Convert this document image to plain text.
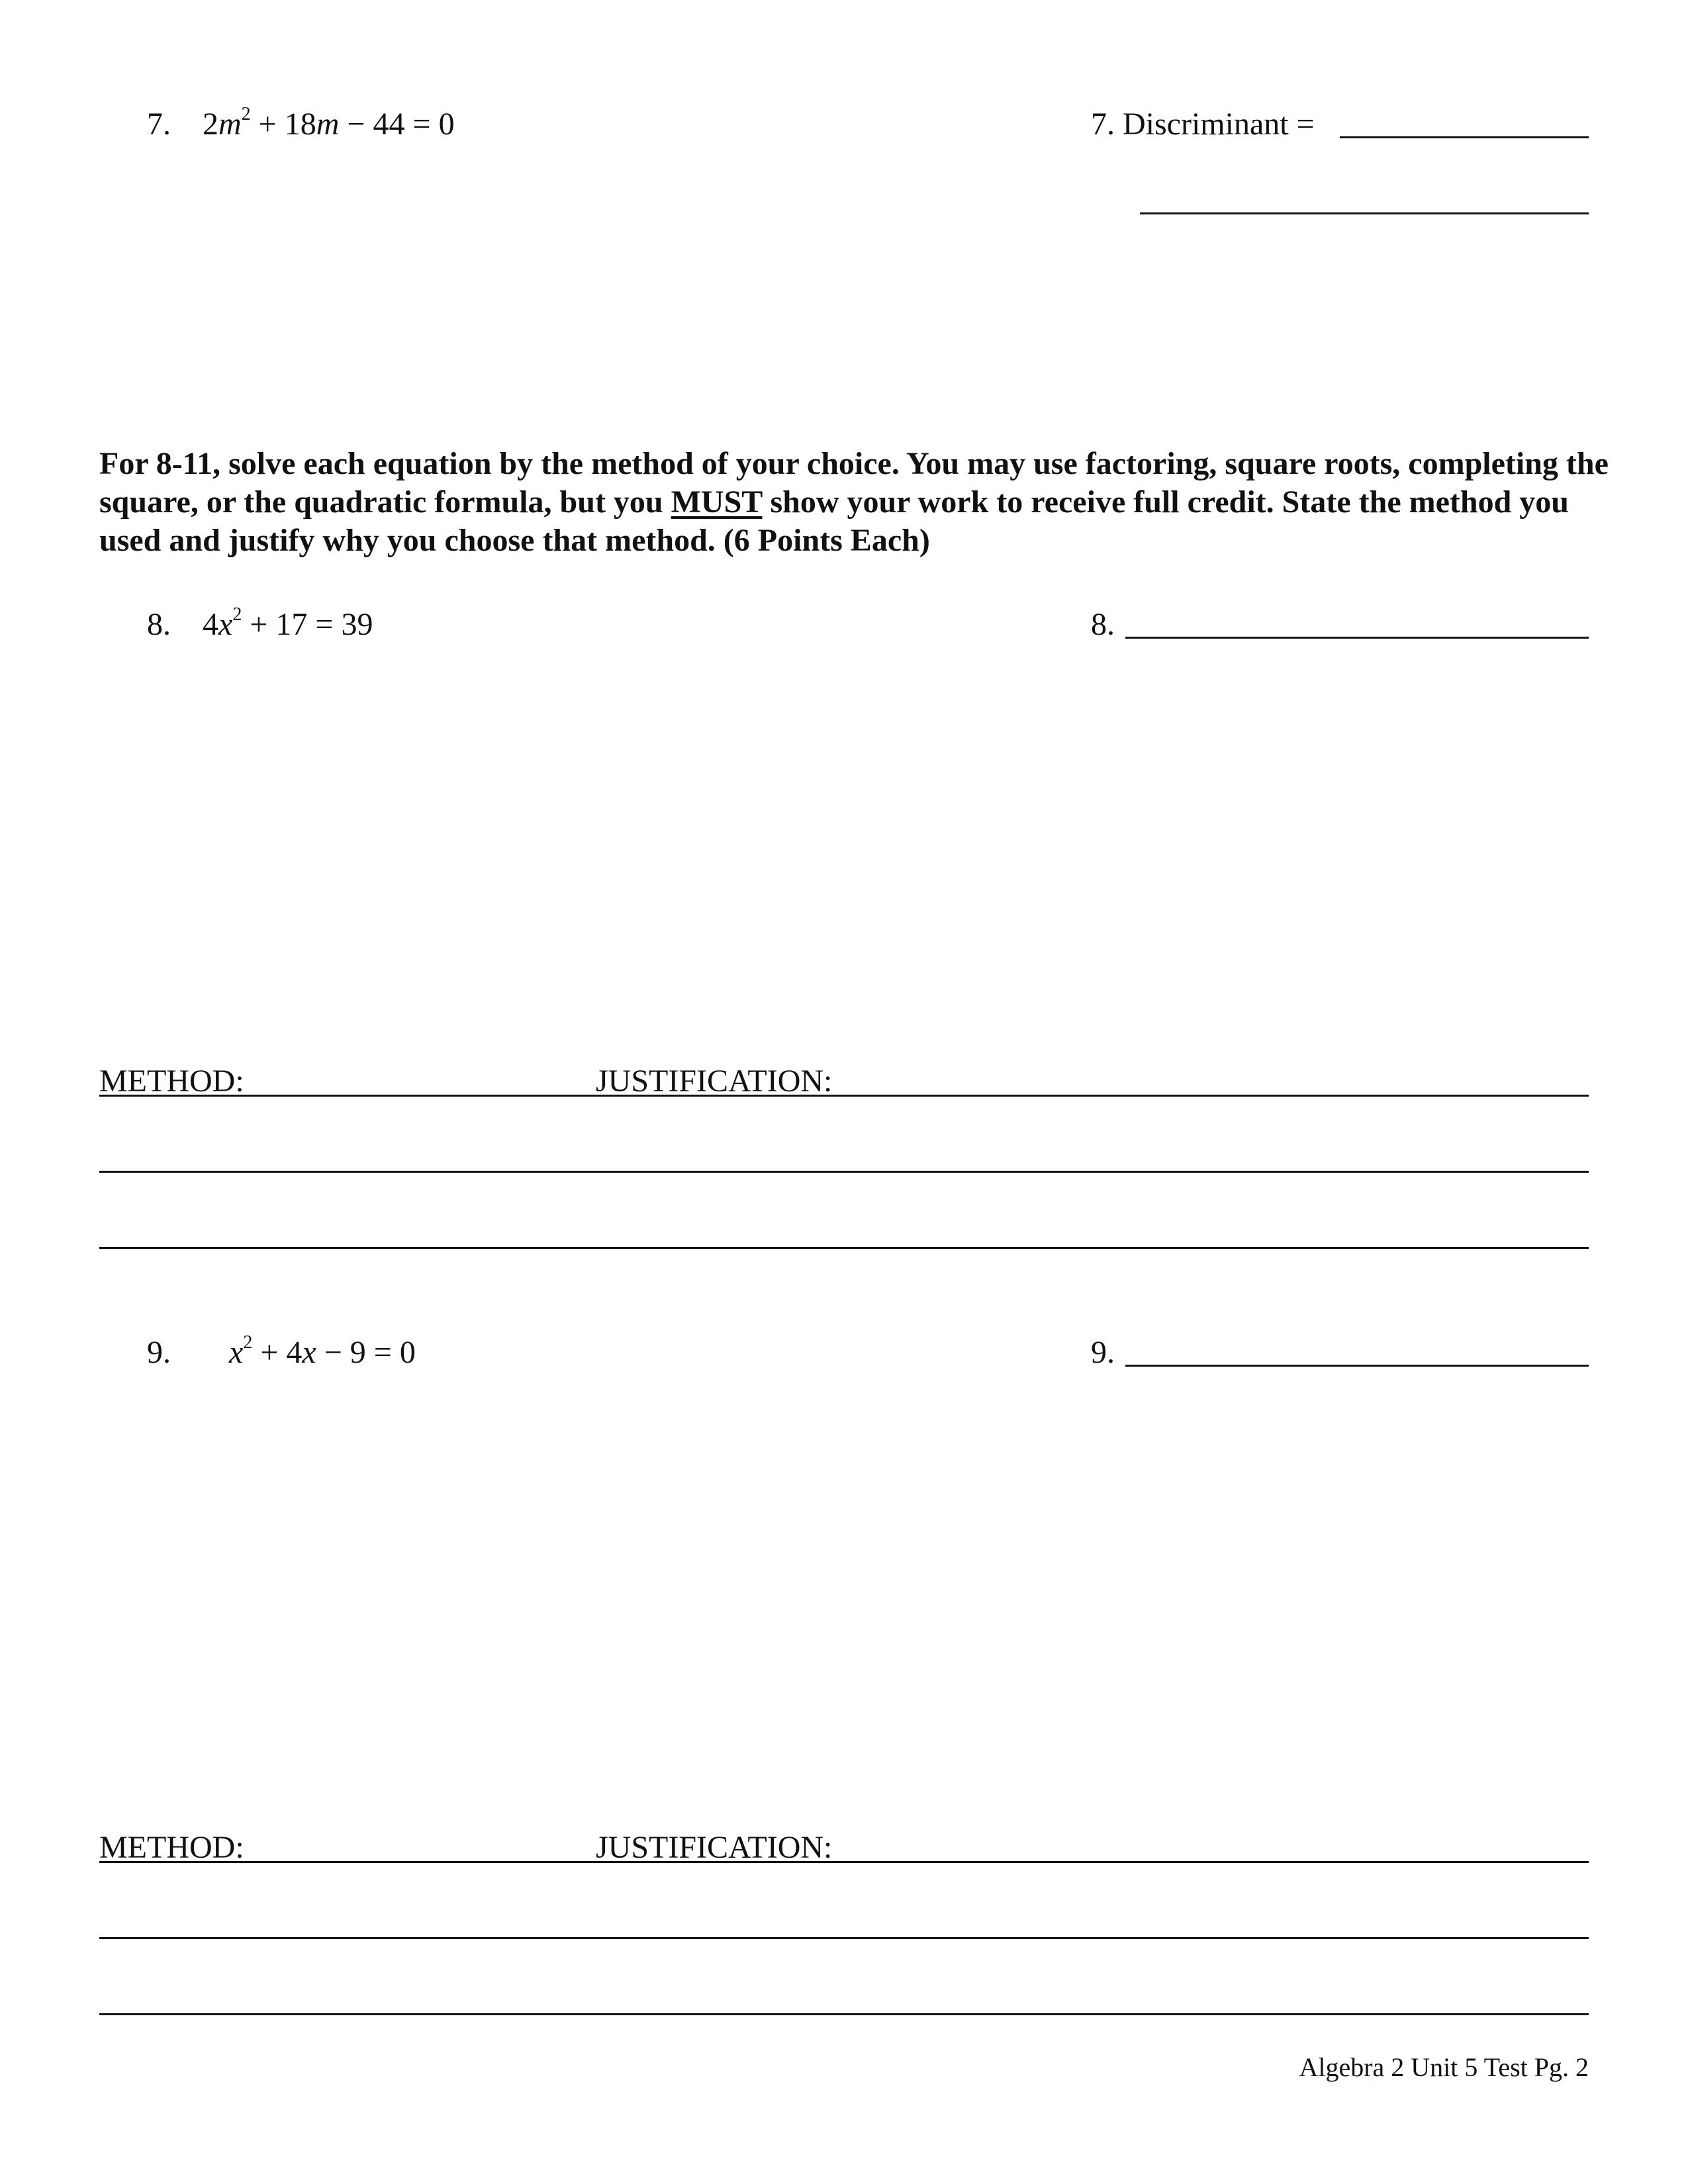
7. $2m^2 + 18m - 44 = 0$	7. Discriminant =
For 8-11, solve each equation by the method of your choice. You may use factoring, square roots, completing the square, or the quadratic formula, but you MUST show your work to receive full credit. State the method you used and justify why you choose that method. (6 Points Each)
8. $4x^2 + 17 = 39$	8.
METHOD:	JUSTIFICATION:
9. $x^2 + 4x - 9 = 0$	9.
METHOD:	JUSTIFICATION:
Algebra 2 Unit 5 Test Pg. 2
